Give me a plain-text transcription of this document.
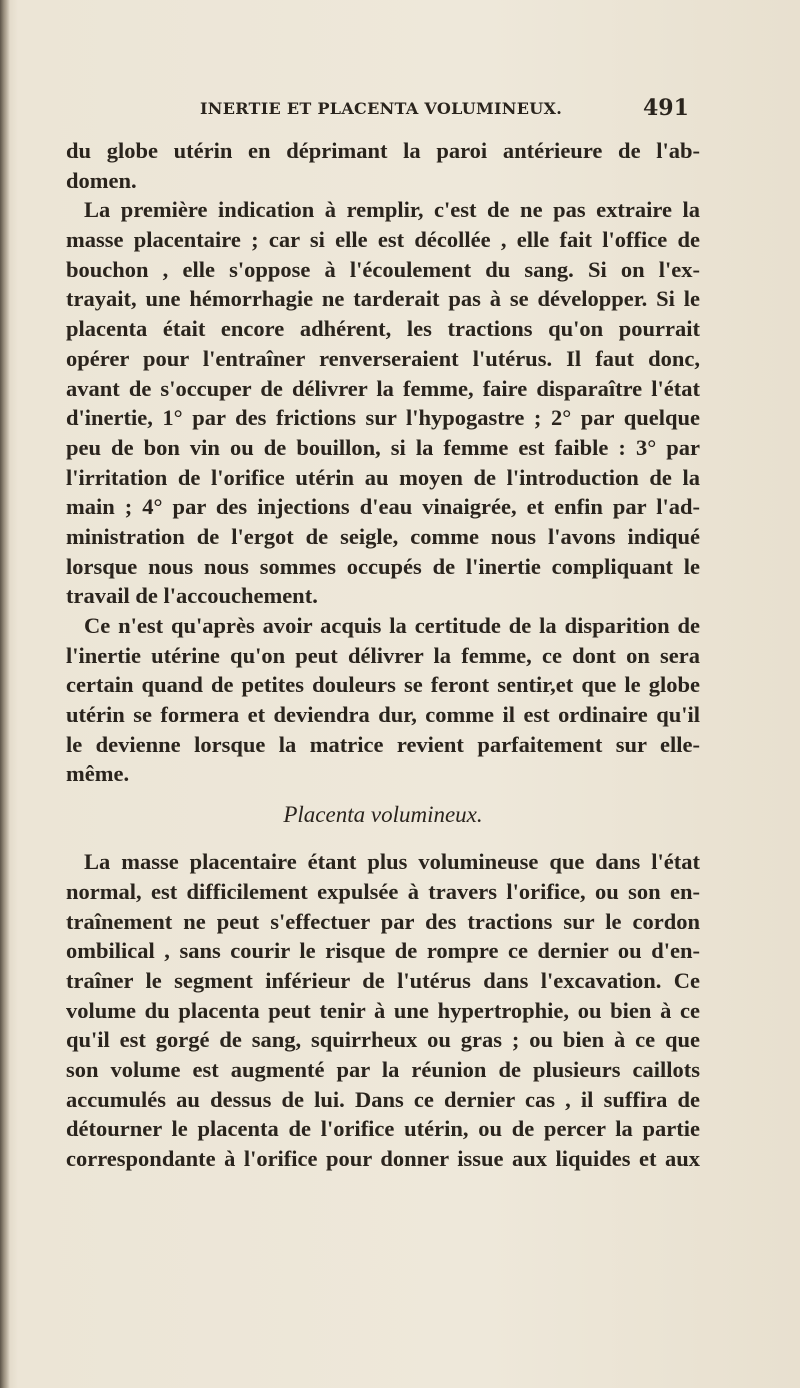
INERTIE ET PLACENTA VOLUMINEUX.	491
du globe utérin en déprimant la paroi antérieure de l'ab-
domen.
La première indication à remplir, c'est de ne pas extraire la
masse placentaire ; car si elle est décollée , elle fait l'office de
bouchon , elle s'oppose à l'écoulement du sang. Si on l'ex-
trayait, une hémorrhagie ne tarderait pas à se développer. Si le
placenta était encore adhérent, les tractions qu'on pourrait
opérer pour l'entraîner renverseraient l'utérus. Il faut donc,
avant de s'occuper de délivrer la femme, faire disparaître l'état
d'inertie, 1° par des frictions sur l'hypogastre ; 2° par quelque
peu de bon vin ou de bouillon, si la femme est faible : 3° par
l'irritation de l'orifice utérin au moyen de l'introduction de la
main ; 4° par des injections d'eau vinaigrée, et enfin par l'ad-
ministration de l'ergot de seigle, comme nous l'avons indiqué
lorsque nous nous sommes occupés de l'inertie compliquant le
travail de l'accouchement.
Ce n'est qu'après avoir acquis la certitude de la disparition de
l'inertie utérine qu'on peut délivrer la femme, ce dont on sera
certain quand de petites douleurs se feront sentir,et que le globe
utérin se formera et deviendra dur, comme il est ordinaire qu'il
le devienne lorsque la matrice revient parfaitement sur elle-
même.
Placenta volumineux.
La masse placentaire étant plus volumineuse que dans l'état
normal, est difficilement expulsée à travers l'orifice, ou son en-
traînement ne peut s'effectuer par des tractions sur le cordon
ombilical , sans courir le risque de rompre ce dernier ou d'en-
traîner le segment inférieur de l'utérus dans l'excavation. Ce
volume du placenta peut tenir à une hypertrophie, ou bien à ce
qu'il est gorgé de sang, squirrheux ou gras ; ou bien à ce que
son volume est augmenté par la réunion de plusieurs caillots
accumulés au dessus de lui. Dans ce dernier cas , il suffira de
détourner le placenta de l'orifice utérin, ou de percer la partie
correspondante à l'orifice pour donner issue aux liquides et aux
